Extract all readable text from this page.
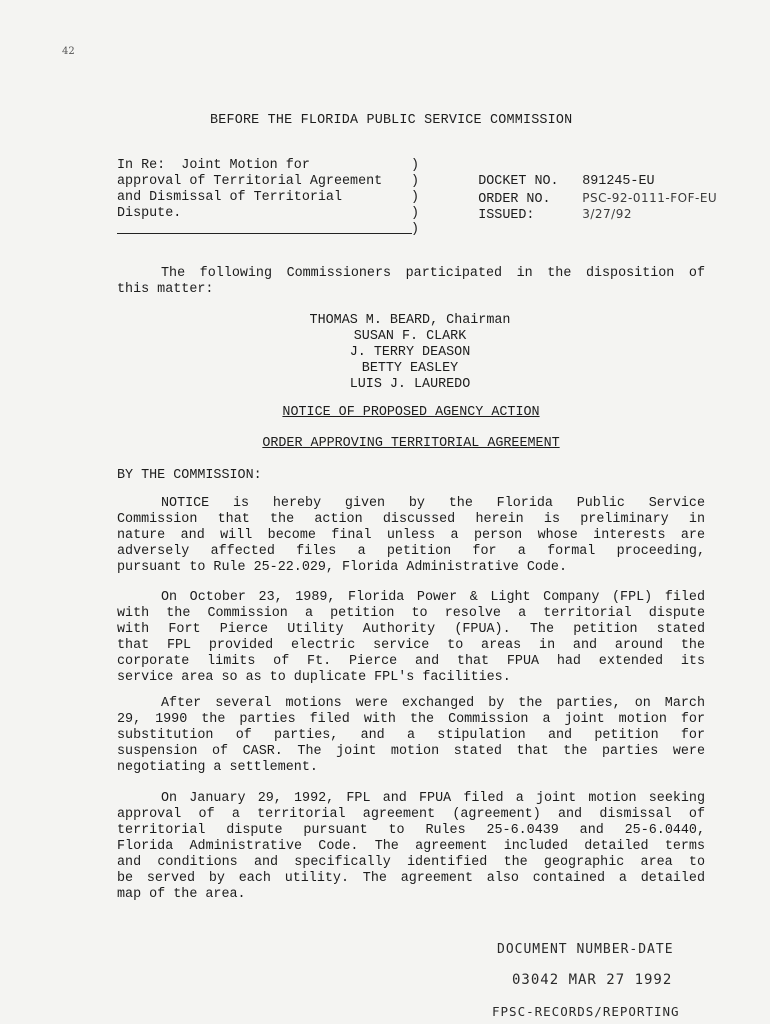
42
BEFORE THE FLORIDA PUBLIC SERVICE COMMISSION
In Re:  Joint Motion for
approval of Territorial Agreement
and Dismissal of Territorial
Dispute.
)
)
)
)
)

DOCKET NO. 891245-EU

ORDER NO.	PSC-92-0111-FOF-EU

ISSUED:	3/27/92

The following Commissioners participated in the disposition of
this matter:
THOMAS M. BEARD, Chairman
SUSAN F. CLARK
J. TERRY DEASON
BETTY EASLEY
LUIS J. LAUREDO
NOTICE OF PROPOSED AGENCY ACTION
ORDER APPROVING TERRITORIAL AGREEMENT
BY THE COMMISSION:
NOTICE is hereby given by the Florida Public Service
Commission that the action discussed herein is preliminary in
nature and will become final unless a person whose interests are
adversely affected files a petition for a formal proceeding,
pursuant to Rule 25-22.029, Florida Administrative Code.
On October 23, 1989, Florida Power & Light Company (FPL) filed
with the Commission a petition to resolve a territorial dispute
with Fort Pierce Utility Authority (FPUA). The petition stated
that FPL provided electric service to areas in and around the
corporate limits of Ft. Pierce and that FPUA had extended its
service area so as to duplicate FPL's facilities.
After several motions were exchanged by the parties, on March
29, 1990 the parties filed with the Commission a joint motion for
substitution of parties, and a stipulation and petition for
suspension of CASR. The joint motion stated that the parties were
negotiating a settlement.
On January 29, 1992, FPL and FPUA filed a joint motion seeking
approval of a territorial agreement (agreement) and dismissal of
territorial dispute pursuant to Rules 25-6.0439 and 25-6.0440,
Florida Administrative Code. The agreement included detailed terms
and conditions and specifically identified the geographic area to
be served by each utility. The agreement also contained a detailed
map of the area.
DOCUMENT NUMBER-DATE
03042 MAR 27 1992
FPSC-RECORDS/REPORTING
